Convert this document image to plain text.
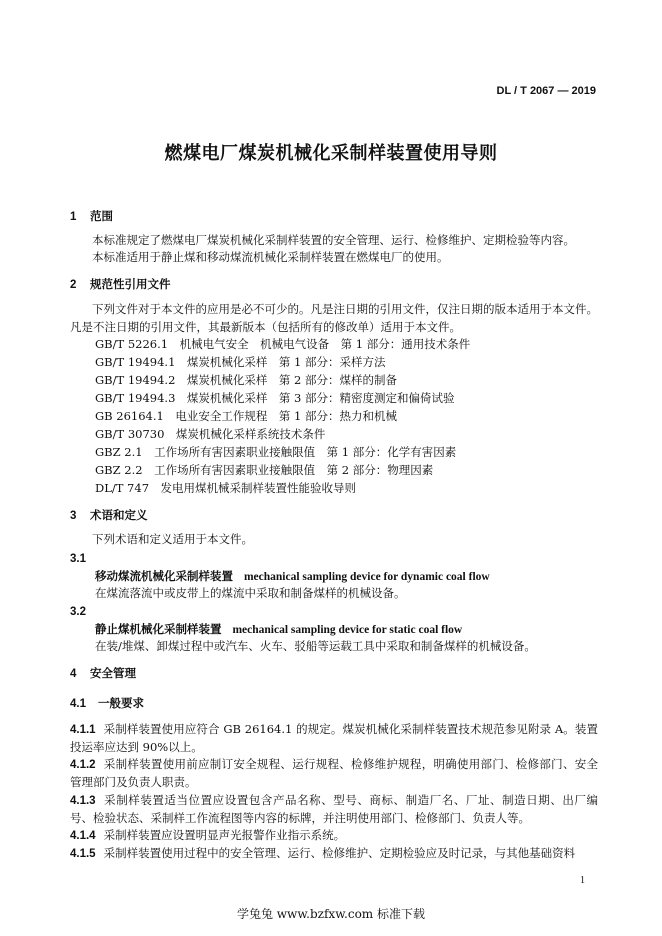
DL / T 2067 — 2019
燃煤电厂煤炭机械化采制样装置使用导则
1 范围
本标准规定了燃煤电厂煤炭机械化采制样装置的安全管理、运行、检修维护、定期检验等内容。
本标准适用于静止煤和移动煤流机械化采制样装置在燃煤电厂的使用。
2 规范性引用文件
下列文件对于本文件的应用是必不可少的。凡是注日期的引用文件，仅注日期的版本适用于本文件。凡是不注日期的引用文件，其最新版本（包括所有的修改单）适用于本文件。
GB/T 5226.1　机械电气安全　机械电气设备　第 1 部分：通用技术条件
GB/T 19494.1　煤炭机械化采样　第 1 部分：采样方法
GB/T 19494.2　煤炭机械化采样　第 2 部分：煤样的制备
GB/T 19494.3　煤炭机械化采样　第 3 部分：精密度测定和偏倚试验
GB 26164.1　电业安全工作规程　第 1 部分：热力和机械
GB/T 30730　煤炭机械化采样系统技术条件
GBZ 2.1　工作场所有害因素职业接触限值　第 1 部分：化学有害因素
GBZ 2.2　工作场所有害因素职业接触限值　第 2 部分：物理因素
DL/T 747　发电用煤机械采制样装置性能验收导则
3 术语和定义
下列术语和定义适用于本文件。
3.1
移动煤流机械化采制样装置 mechanical sampling device for dynamic coal flow
在煤流落流中或皮带上的煤流中采取和制备煤样的机械设备。
3.2
静止煤机械化采制样装置 mechanical sampling device for static coal flow
在装/堆煤、卸煤过程中或汽车、火车、驳船等运载工具中采取和制备煤样的机械设备。
4 安全管理
4.1 一般要求
4.1.1 采制样装置使用应符合 GB 26164.1 的规定。煤炭机械化采制样装置技术规范参见附录 A。装置投运率应达到 90%以上。
4.1.2 采制样装置使用前应制订安全规程、运行规程、检修维护规程，明确使用部门、检修部门、安全管理部门及负责人职责。
4.1.3 采制样装置适当位置应设置包含产品名称、型号、商标、制造厂名、厂址、制造日期、出厂编号、检验状态、采制样工作流程图等内容的标牌，并注明使用部门、检修部门、负责人等。
4.1.4 采制样装置应设置明显声光报警作业指示系统。
4.1.5 采制样装置使用过程中的安全管理、运行、检修维护、定期检验应及时记录，与其他基础资料
1
学兔兔 www.bzfxw.com 标准下载
